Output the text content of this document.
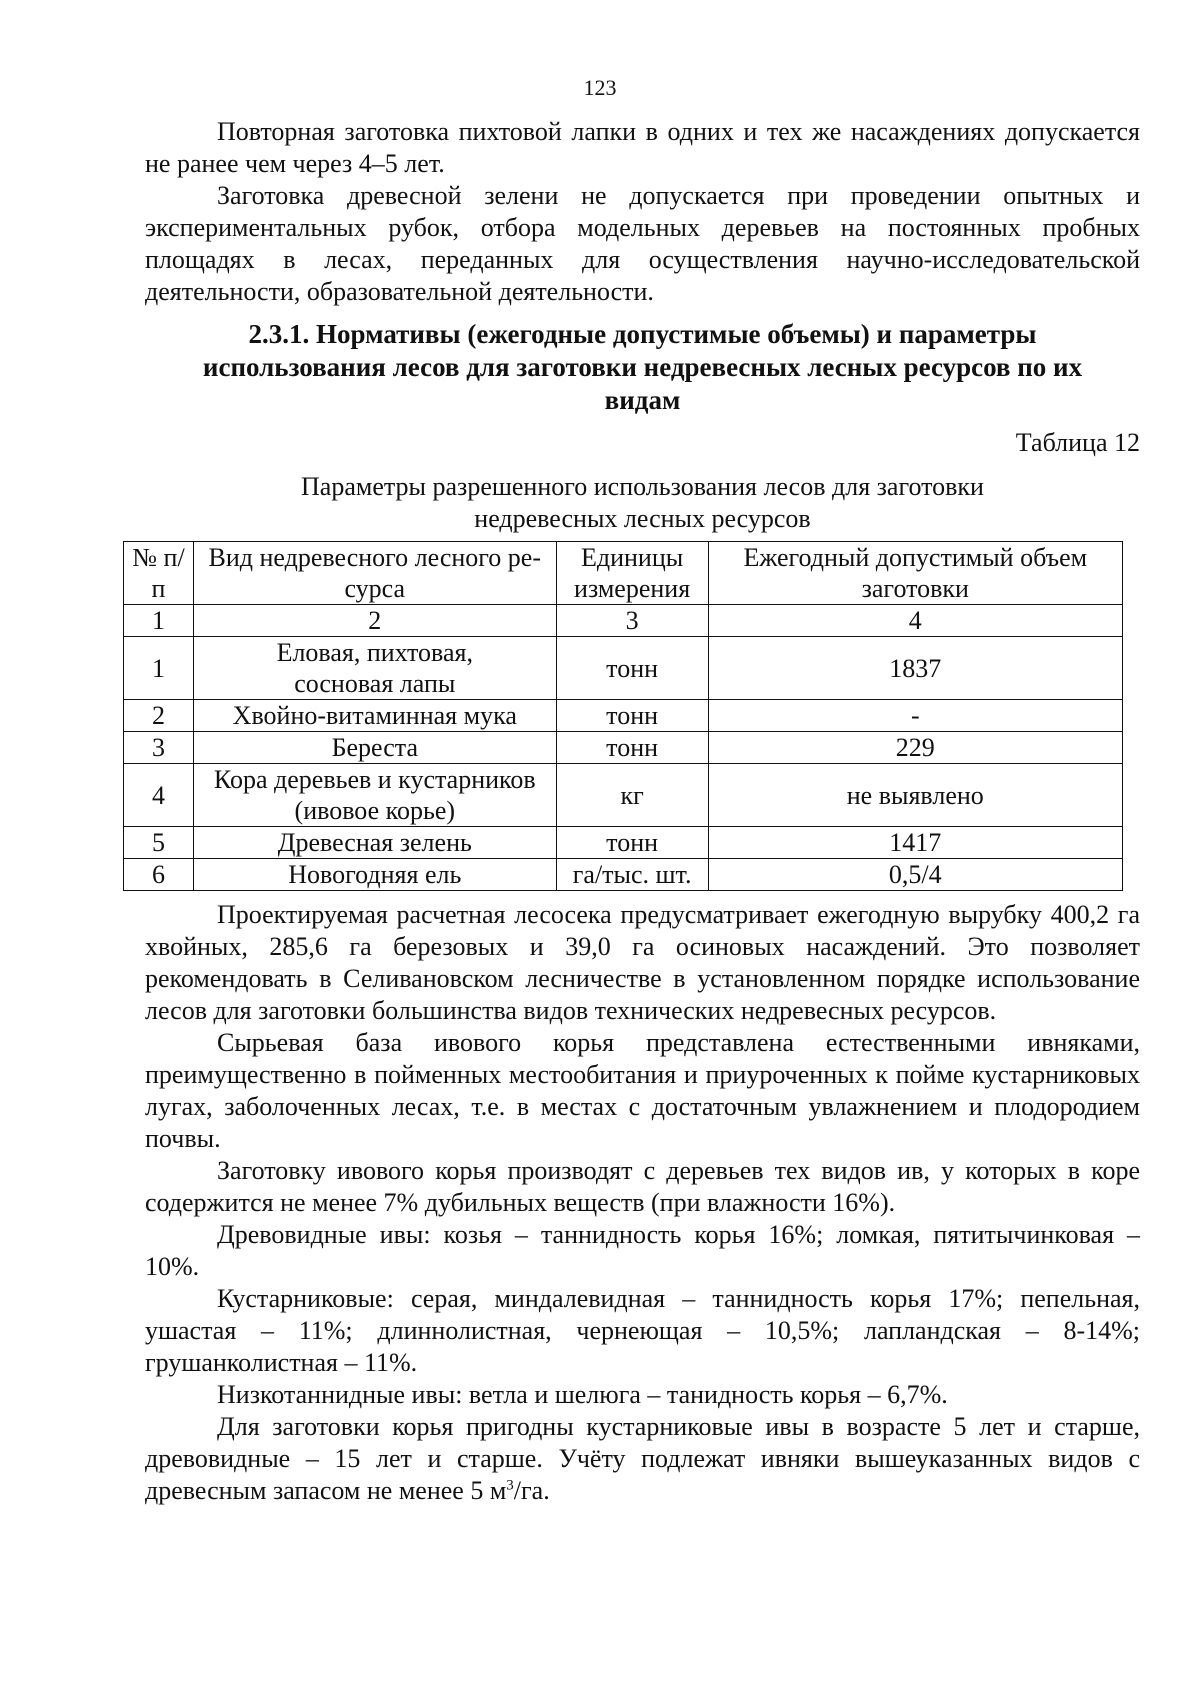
123

Повторная заготовка пихтовой лапки в одних и тех же насаждениях допускается не ранее чем через 4–5 лет.

Заготовка древесной зелени не допускается при проведении опытных и экспериментальных рубок, отбора модельных деревьев на постоянных пробных площадях в лесах, переданных для осуществления научно-исследовательской деятельности, образовательной деятельности.

2.3.1. Нормативы (ежегодные допустимые объемы) и параметры использования лесов для заготовки недревесных лесных ресурсов по их видам
Таблица 12
Параметры разрешенного использования лесов для заготовки недревесных лесных ресурсов
№ п/п	Вид недревесного лесного ре-сурса	Единицы измерения	Ежегодный допустимый объем заготовки
1	2	3	4
1	Еловая, пихтовая, сосновая лапы	тонн	1837
2	Хвойно-витаминная мука	тонн	-
3	Береста	тонн	229
4	Кора деревьев и кустарников (ивовое корье)	кг	не выявлено
5	Древесная зелень	тонн	1417
6	Новогодняя ель	га/тыс. шт.	0,5/4

Проектируемая расчетная лесосека предусматривает ежегодную вырубку 400,2 га хвойных, 285,6 га березовых и 39,0 га осиновых насаждений. Это позволяет рекомендовать в Селивановском лесничестве в установленном порядке использование лесов для заготовки большинства видов технических недревесных ресурсов.

Сырьевая база ивового корья представлена естественными ивняками, преимущественно в пойменных местообитания и приуроченных к пойме кустарниковых лугах, заболоченных лесах, т.е. в местах с достаточным увлажнением и плодородием почвы.

Заготовку ивового корья производят с деревьев тех видов ив, у которых в коре содержится не менее 7% дубильных веществ (при влажности 16%).

Древовидные ивы: козья – таннидность корья 16%; ломкая, пятитычинковая – 10%.

Кустарниковые: серая, миндалевидная – таннидность корья 17%; пепельная, ушастая – 11%; длиннолистная, чернеющая – 10,5%; лапландская – 8-14%; грушанколистная – 11%.

Низкотаннидные ивы: ветла и шелюга – танидность корья – 6,7%.

Для заготовки корья пригодны кустарниковые ивы в возрасте 5 лет и старше, древовидные – 15 лет и старше. Учёту подлежат ивняки вышеуказанных видов с древесным запасом не менее 5 $м^3/га$.
